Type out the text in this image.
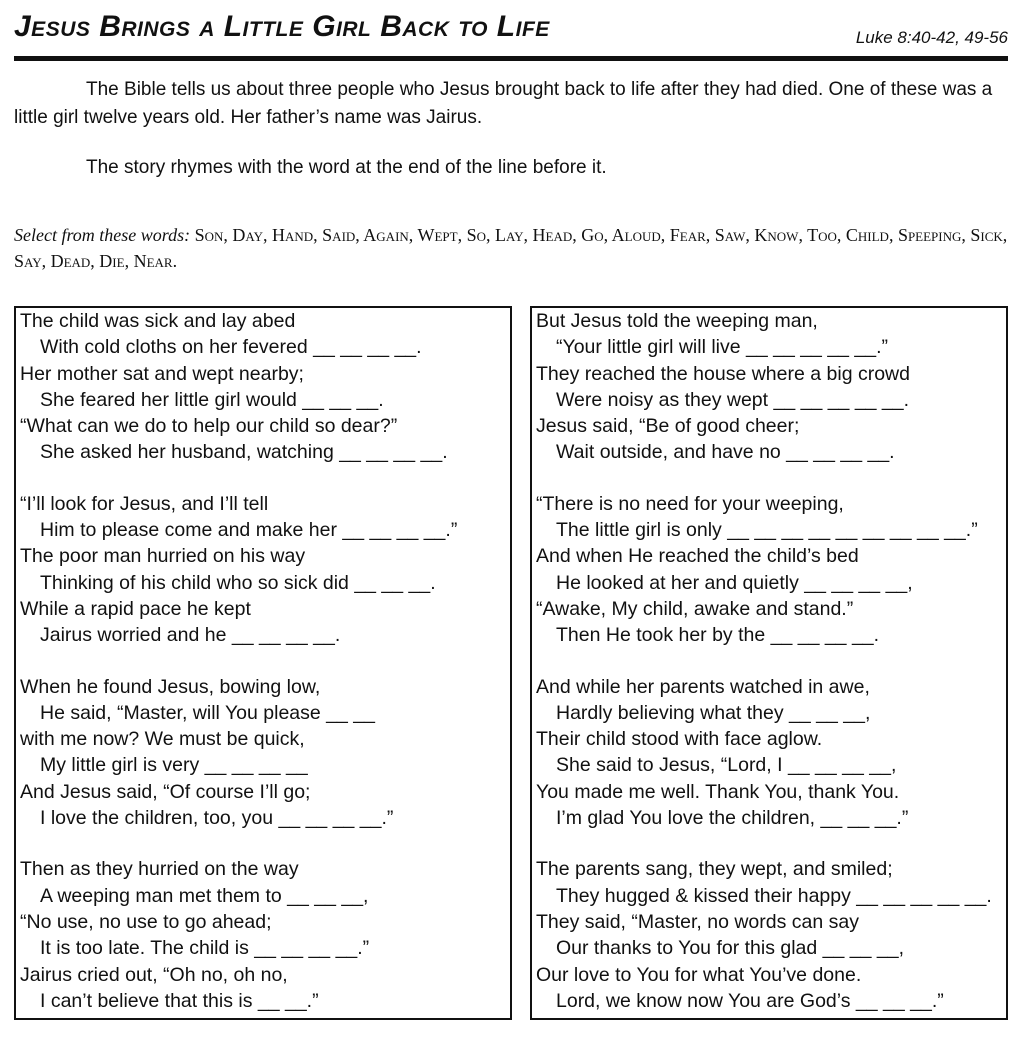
Jesus Brings a Little Girl Back to Life	Luke 8:40-42, 49-56

The Bible tells us about three people who Jesus brought back to life after they had died. One of these was a little girl twelve years old. Her father’s name was Jairus.

The story rhymes with the word at the end of the line before it.

Select from these words: Son, Day, Hand, Said, Again, Wept, So, Lay, Head, Go, Aloud, Fear, Saw, Know, Too, Child, Speeping, Sick, Say, Dead, Die, Near.
The child was sick and lay abed
With cold cloths on her fevered __ __ __ __.
Her mother sat and wept nearby;
She feared her little girl would __ __ __.
“What can we do to help our child so dear?”
She asked her husband, watching __ __ __ __.
“I’ll look for Jesus, and I’ll tell
Him to please come and make her __ __ __ __.”
The poor man hurried on his way
Thinking of his child who so sick did __ __ __.
While a rapid pace he kept
Jairus worried and he __ __ __ __.
When he found Jesus, bowing low,
He said, “Master, will You please __ __
with me now? We must be quick,
My little girl is very __ __ __ __
And Jesus said, “Of course I’ll go;
I love the children, too, you __ __ __ __.”
Then as they hurried on the way
A weeping man met them to __ __ __,
“No use, no use to go ahead;
It is too late. The child is __ __ __ __.”
Jairus cried out, “Oh no, oh no,
I can’t believe that this is __ __.”
But Jesus told the weeping man,
“Your little girl will live __ __ __ __ __.”
They reached the house where a big crowd
Were noisy as they wept __ __ __ __ __.
Jesus said, “Be of good cheer;
Wait outside, and have no __ __ __ __.
“There is no need for your weeping,
The little girl is only __ __ __ __ __ __ __ __ __.”
And when He reached the child’s bed
He looked at her and quietly __ __ __ __,
“Awake, My child, awake and stand.”
Then He took her by the __ __ __ __.
And while her parents watched in awe,
Hardly believing what they __ __ __,
Their child stood with face aglow.
She said to Jesus, “Lord, I __ __ __ __,
You made me well. Thank You, thank You.
I’m glad You love the children, __ __ __.”
The parents sang, they wept, and smiled;
They hugged & kissed their happy __ __ __ __ __.
They said, “Master, no words can say
Our thanks to You for this glad __ __ __,
Our love to You for what You’ve done.
Lord, we know now You are God’s __ __ __.”
